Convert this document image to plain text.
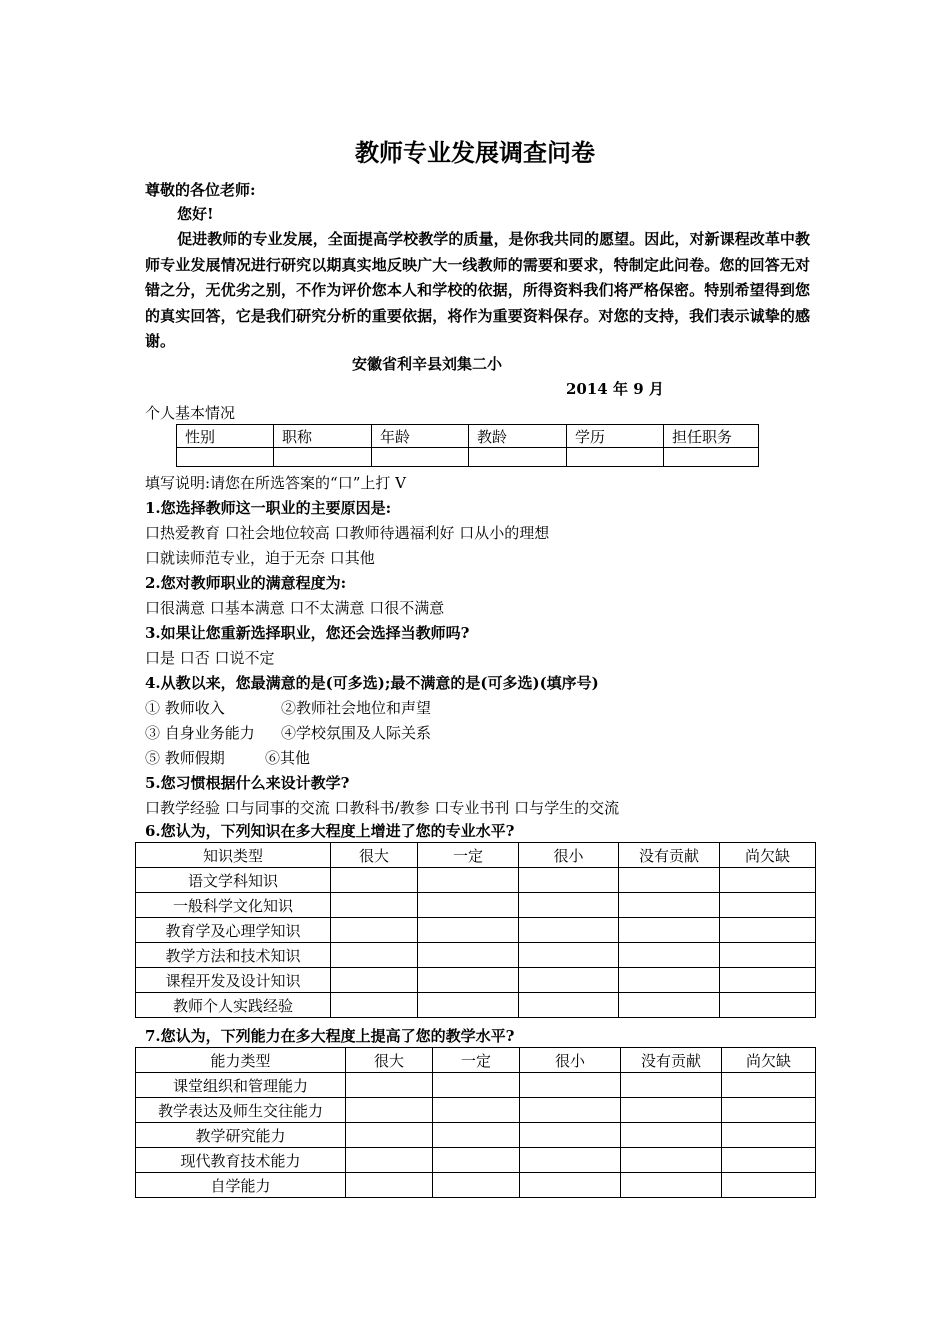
教师专业发展调查问卷
尊敬的各位老师:
您好!
促进教师的专业发展，全面提高学校教学的质量，是你我共同的愿望。因此，对新课程改革中教师专业发展情况进行研究以期真实地反映广大一线教师的需要和要求，特制定此问卷。您的回答无对错之分，无优劣之别，不作为评价您本人和学校的依据，所得资料我们将严格保密。特别希望得到您的真实回答，它是我们研究分析的重要依据，将作为重要资料保存。对您的支持，我们表示诚挚的感谢。
安徽省利辛县刘集二小
2014 年 9 月
个人基本情况
性别	职称	年龄	教龄	学历	担任职务

填写说明:请您在所选答案的“口”上打 V
1.您选择教师这一职业的主要原因是:
口热爱教育 口社会地位较高 口教师待遇福利好 口从小的理想
口就读师范专业，迫于无奈 口其他
2.您对教师职业的满意程度为:
口很满意 口基本满意 口不太满意 口很不满意
3.如果让您重新选择职业，您还会选择当教师吗?
口是 口否 口说不定
4.从教以来，您最满意的是(可多选);最不满意的是(可多选)(填序号)
① 教师收入	②教师社会地位和声望
③ 自身业务能力 ④学校氛围及人际关系
⑤ 教师假期	⑥其他
5.您习惯根据什么来设计教学?
口教学经验 口与同事的交流 口教科书/教参 口专业书刊 口与学生的交流
6.您认为，下列知识在多大程度上增进了您的专业水平?
知识类型	很大	一定	很小	没有贡献	尚欠缺
语文学科知识					
一般科学文化知识					
教育学及心理学知识					
教学方法和技术知识					
课程开发及设计知识					
教师个人实践经验					
7.您认为，下列能力在多大程度上提高了您的教学水平?
能力类型	很大	一定	很小	没有贡献	尚欠缺
课堂组织和管理能力					
教学表达及师生交往能力					
教学研究能力					
现代教育技术能力					
自学能力					
